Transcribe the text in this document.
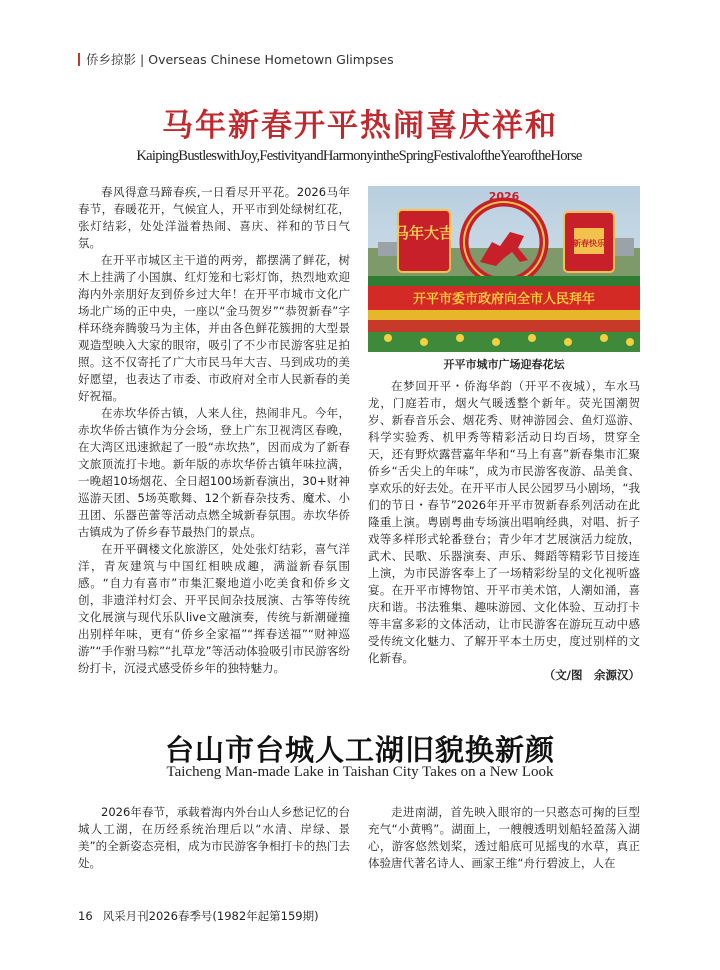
侨乡掠影 | Overseas Chinese Hometown Glimpses
马年新春开平热闹喜庆祥和
KaipingBustleswithJoy,FestivityandHarmonyintheSpringFestivaloftheYearoftheHorse

春风得意马蹄春疾,一日看尽开平花。2026马年春节，春暖花开，气候宜人，开平市到处绿树红花，张灯结彩，处处洋溢着热闹、喜庆、祥和的节日气氛。

在开平市城区主干道的两旁，都摆满了鲜花，树木上挂满了小国旗、红灯笼和七彩灯饰，热烈地欢迎海内外亲朋好友到侨乡过大年！在开平市城市文化广场北广场的正中央，一座以“金马贺岁”“恭贺新春”字样环绕奔腾骏马为主体，并由各色鲜花簇拥的大型景观造型映入大家的眼帘，吸引了不少市民游客驻足拍照。这不仅寄托了广大市民马年大吉、马到成功的美好愿望，也表达了市委、市政府对全市人民新春的美好祝福。

在赤坎华侨古镇，人来人往，热闹非凡。今年，赤坎华侨古镇作为分会场，登上广东卫视湾区春晚，在大湾区迅速掀起了一股“赤坎热”，因而成为了新春文旅顶流打卡地。新年版的赤坎华侨古镇年味拉满，一晚超10场烟花、全日超100场新春演出，30+财神巡游天团、5场英歌舞、12个新春杂技秀、魔术、小丑团、乐器芭蕾等活动点燃全城新春氛围。赤坎华侨古镇成为了侨乡春节最热门的景点。

在开平碉楼文化旅游区，处处张灯结彩，喜气洋洋，青灰建筑与中国红相映成趣，满溢新春氛围感。“自力有喜市”市集汇聚地道小吃美食和侨乡文创，非遗洋村灯会、开平民间杂技展演、古筝等传统文化展演与现代乐队live文融演奏，传统与新潮碰撞出别样年味，更有“侨乡全家福”“挥春送福”“财神巡游”“手作驸马粽”“扎草龙”等活动体验吸引市民游客纷纷打卡，沉浸式感受侨乡年的独特魅力。

马年大吉
2026
新春快乐
开平市委市政府向全市人民拜年
开平市城市广场迎春花坛

在梦回开平・侨海华韵（开平不夜城），车水马龙，门庭若市，烟火气暖透整个新年。荧光国潮贺岁、新春音乐会、烟花秀、财神游园会、鱼灯巡游、科学实验秀、机甲秀等精彩活动日均百场，贯穿全天，还有野炊露营嘉年华和“马上有喜”新春集市汇聚侨乡“舌尖上的年味”，成为市民游客夜游、品美食、享欢乐的好去处。在开平市人民公园罗马小剧场，“我们的节日・春节”2026年开平市贺新春系列活动在此隆重上演。粤剧粤曲专场演出唱响经典，对唱、折子戏等多样形式轮番登台；青少年才艺展演活力绽放，武术、民歌、乐器演奏、声乐、舞蹈等精彩节目接连上演，为市民游客奉上了一场精彩纷呈的文化视听盛宴。在开平市博物馆、开平市美术馆，人潮如涌，喜庆和谐。书法雅集、趣味游园、文化体验、互动打卡等丰富多彩的文体活动，让市民游客在游玩互动中感受传统文化魅力、了解开平本土历史，度过别样的文化新春。

（文/图　余源汉）

台山市台城人工湖旧貌换新颜
Taicheng Man-made Lake in Taishan City Takes on a New Look

2026年春节，承载着海内外台山人乡愁记忆的台城人工湖，在历经系统治理后以“水清、岸绿、景美”的全新姿态亮相，成为市民游客争相打卡的热门去处。

走进南湖，首先映入眼帘的一只憨态可掬的巨型充气“小黄鸭”。湖面上，一艘艘透明划船轻盈荡入湖心，游客悠然划桨，透过船底可见摇曳的水草，真正体验唐代著名诗人、画家王维“舟行碧波上，人在

16 风采月刊2026春季号(1982年起第159期)
